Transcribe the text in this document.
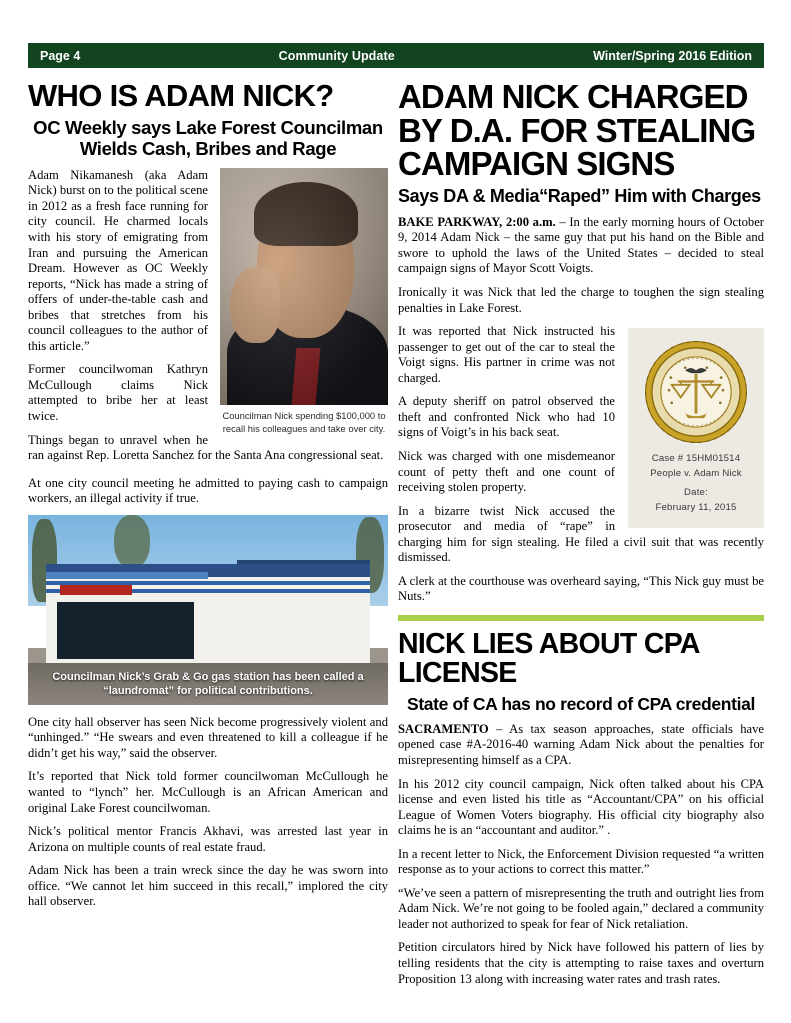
Page 4	Community Update	Winter/Spring 2016 Edition
WHO IS ADAM NICK?
OC Weekly says Lake Forest Councilman Wields Cash, Bribes and Rage
Councilman Nick spending $100,000 to recall his colleagues and take over city.

Adam Nikamanesh (aka Adam Nick) burst on to the political scene in 2012 as a fresh face running for city council. He charmed locals with his story of emigrating from Iran and pursuing the American Dream. However as OC Weekly reports, “Nick has made a string of offers of under-the-table cash and bribes that stretches from his council colleagues to the author of this article.”

Former councilwoman Kathryn McCullough claims Nick attempted to bribe her at least twice.

Things began to unravel when he ran against Rep. Loretta Sanchez for the Santa Ana congressional seat.

At one city council meeting he admitted to paying cash to campaign workers, an illegal activity if true.

Councilman Nick’s Grab & Go gas station has been called a “laundromat” for political contributions.

One city hall observer has seen Nick become progressively violent and “unhinged.” “He swears and even threatened to kill a colleague if he didn’t get his way,” said the observer.

It’s reported that Nick told former councilwoman McCullough he wanted to “lynch” her. McCullough is an African American and original Lake Forest councilwoman.

Nick’s political mentor Francis Akhavi, was arrested last year in Arizona on multiple counts of real estate fraud.

Adam Nick has been a train wreck since the day he was sworn into office. “We cannot let him succeed in this recall,” implored the city hall observer.

ADAM NICK CHARGED BY D.A. FOR STEALING CAMPAIGN SIGNS
Says DA & Media“Raped” Him with Charges

BAKE PARKWAY, 2:00 a.m. – In the early morning hours of October 9, 2014 Adam Nick – the same guy that put his hand on the Bible and swore to uphold the laws of the United States – decided to steal campaign signs of Mayor Scott Voigts.

Ironically it was Nick that led the charge to toughen the sign stealing penalties in Lake Forest.

Case # 15HM01514
People v. Adam Nick
Date:
February 11, 2015

It was reported that Nick instructed his passenger to get out of the car to steal the Voigt signs. His partner in crime was not charged.

A deputy sheriff on patrol observed the theft and confronted Nick who had 10 signs of Voigt’s in his back seat.

Nick was charged with one misdemeanor count of petty theft and one count of receiving stolen property.

In a bizarre twist Nick accused the prosecutor and media of “rape” in charging him for sign stealing. He filed a civil suit that was recently dismissed.

A clerk at the courthouse was overheard saying, “This Nick guy must be Nuts.”

NICK LIES ABOUT CPA LICENSE
State of CA has no record of CPA credential

SACRAMENTO – As tax season approaches, state officials have opened case #A-2016-40 warning Adam Nick about the penalties for misrepresenting himself as a CPA.

In his 2012 city council campaign, Nick often talked about his CPA license and even listed his title as “Accountant/CPA” on his official League of Women Voters biography. His official city biography also claims he is an “accountant and auditor.” .

In a recent letter to Nick, the Enforcement Division requested “a written response as to your actions to correct this matter.”

“We’ve seen a pattern of misrepresenting the truth and outright lies from Adam Nick. We’re not going to be fooled again,” declared a community leader not authorized to speak for fear of Nick retaliation.

Petition circulators hired by Nick have followed his pattern of lies by telling residents that the city is attempting to raise taxes and overturn Proposition 13 along with increasing water rates and trash rates.
